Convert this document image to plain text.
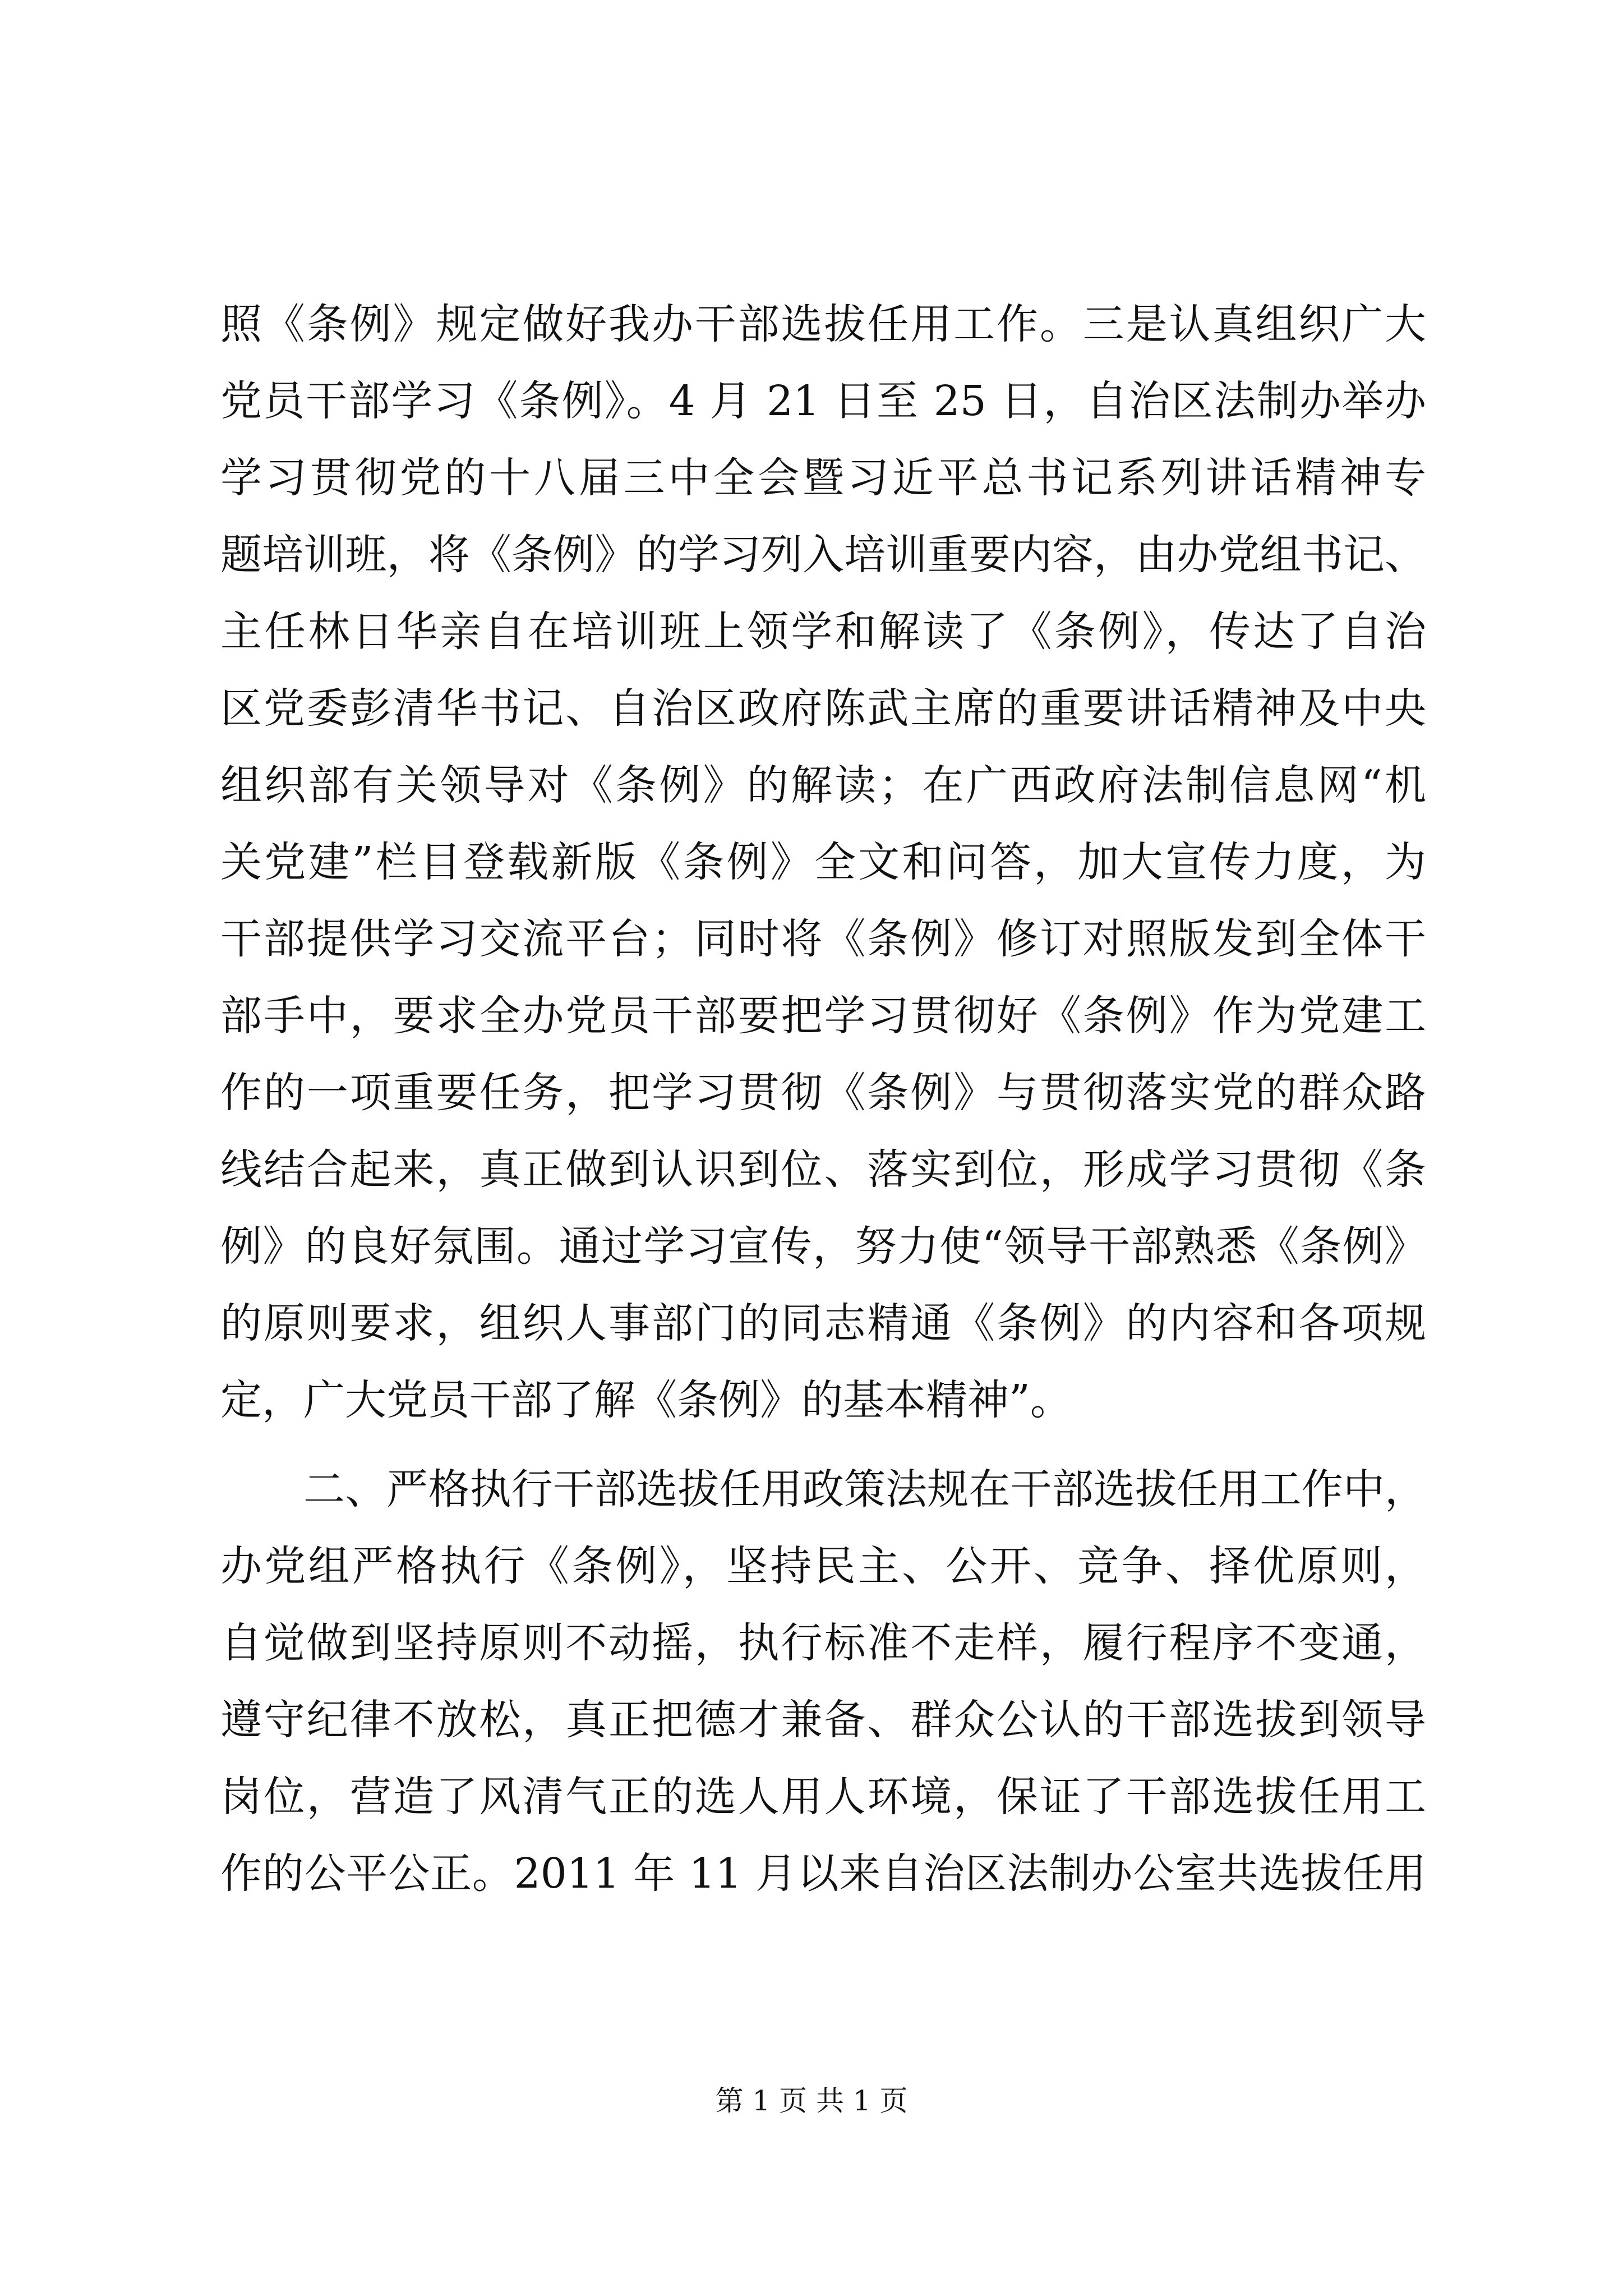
照《条例》规定做好我办干部选拔任用工作。三是认真组织广大
党员干部学习《条例》。4 月 21 日至 25 日，自治区法制办举办
学习贯彻党的十八届三中全会暨习近平总书记系列讲话精神专
题培训班，将《条例》的学习列入培训重要内容，由办党组书记、
主任林日华亲自在培训班上领学和解读了《条例》，传达了自治
区党委彭清华书记、自治区政府陈武主席的重要讲话精神及中央
组织部有关领导对《条例》的解读；在广西政府法制信息网“机
关党建”栏目登载新版《条例》全文和问答，加大宣传力度，为
干部提供学习交流平台；同时将《条例》修订对照版发到全体干
部手中，要求全办党员干部要把学习贯彻好《条例》作为党建工
作的一项重要任务，把学习贯彻《条例》与贯彻落实党的群众路
线结合起来，真正做到认识到位、落实到位，形成学习贯彻《条
例》的良好氛围。通过学习宣传，努力使“领导干部熟悉《条例》
的原则要求，组织人事部门的同志精通《条例》的内容和各项规
定，广大党员干部了解《条例》的基本精神”。
二、严格执行干部选拔任用政策法规在干部选拔任用工作中，
办党组严格执行《条例》，坚持民主、公开、竞争、择优原则，
自觉做到坚持原则不动摇，执行标准不走样，履行程序不变通，
遵守纪律不放松，真正把德才兼备、群众公认的干部选拔到领导
岗位，营造了风清气正的选人用人环境，保证了干部选拔任用工
作的公平公正。2011 年 11 月以来自治区法制办公室共选拔任用
第 1 页 共 1 页
